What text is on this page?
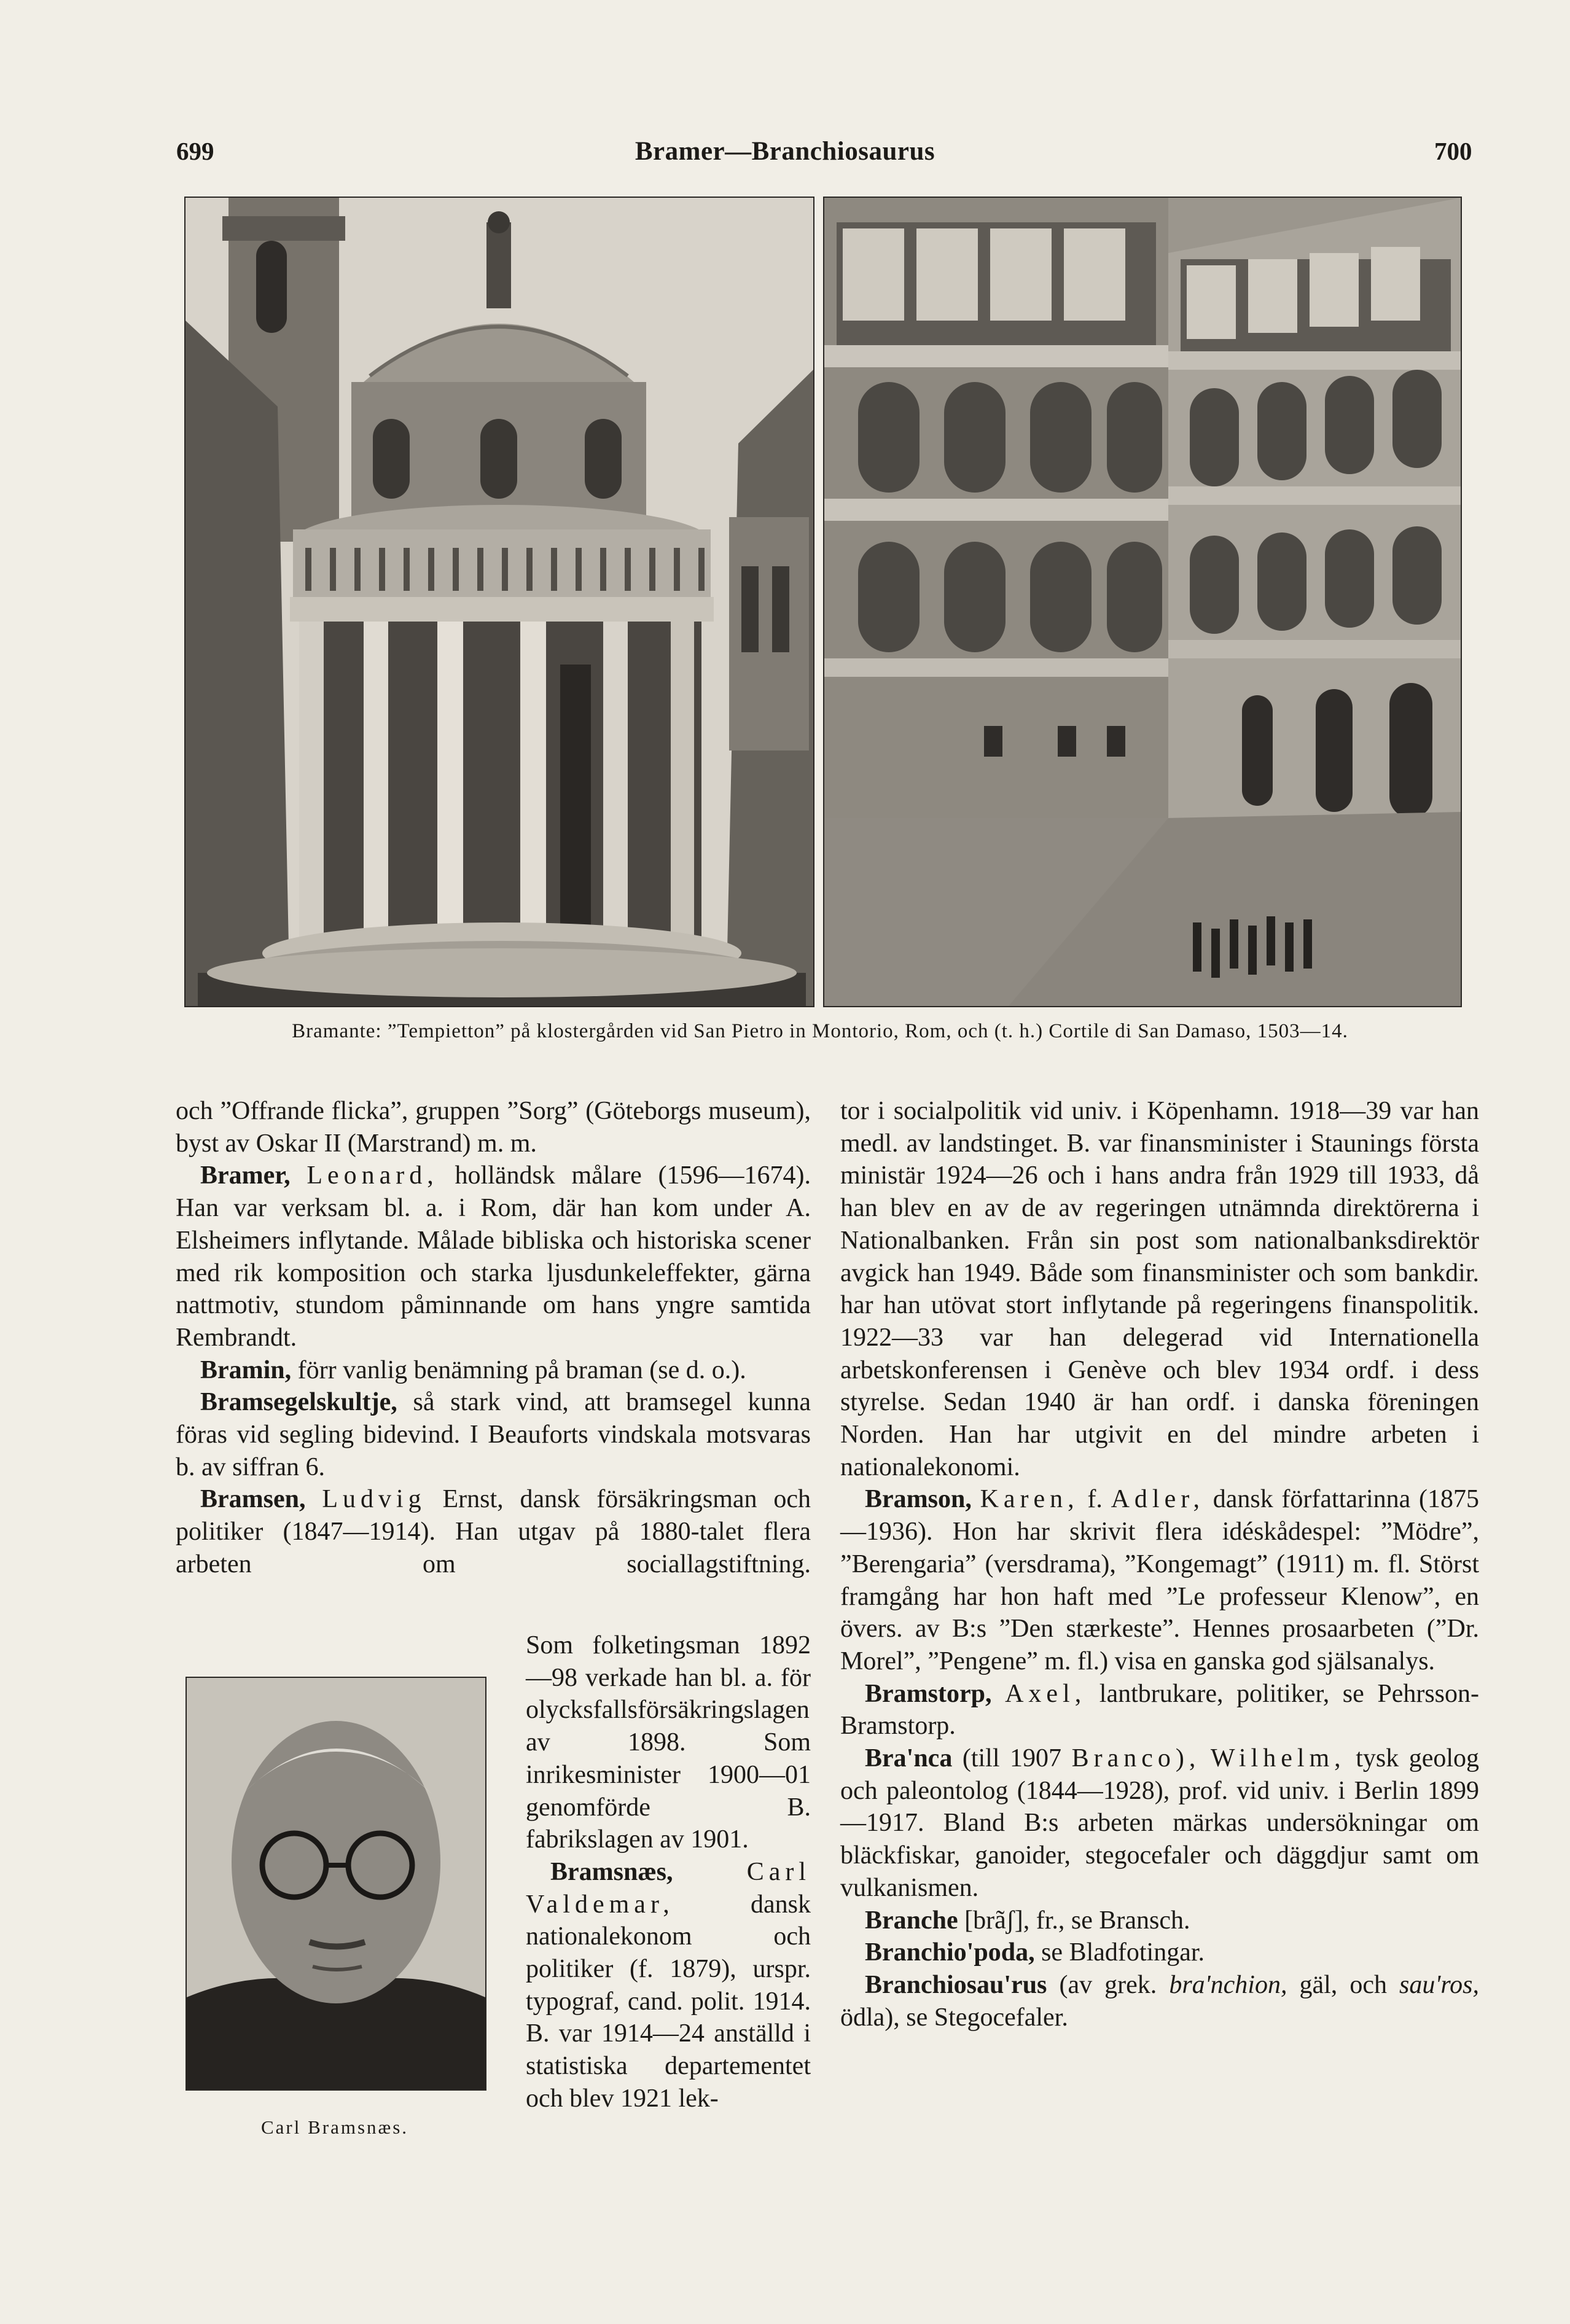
699	Bramer—Branchiosaurus	700
Bramante: ”Tempietton” på klostergården vid San Pietro in Montorio, Rom, och (t. h.) Cortile di San Damaso, 1503—14.
Carl Bramsnæs.

och ”Offrande flicka”, gruppen ”Sorg” (Göteborgs museum), byst av Oskar II (Marstrand) m. m.

Bramer, Leonard, holländsk målare (1596—1674). Han var verksam bl. a. i Rom, där han kom under A. Elsheimers inflytande. Målade bibliska och historiska scener med rik komposition och starka ljusdunkeleffekter, gärna nattmotiv, stundom påminnande om hans yngre samtida Rembrandt.

Bramin, förr vanlig benämning på braman (se d. o.).

Bramsegelskultje, så stark vind, att bramsegel kunna föras vid segling bidevind. I Beauforts vindskala motsvaras b. av siffran 6.

Bramsen, Ludvig Ernst, dansk försäkringsman och politiker (1847—1914). Han utgav på 1880-talet flera arbeten om sociallagstiftning.

Som folketingsman 1892—98 verkade han bl. a. för olycksfallsförsäkringslagen av 1898. Som inrikesminister 1900—01 genomförde B. fabrikslagen av 1901.

Bramsnæs,	Carl Valdemar,	dansk nationalekonom och politiker (f. 1879), urspr. typograf, cand. polit. 1914. B. var 1914—24 anställd i statistiska departementet och blev 1921 lek-

tor i socialpolitik vid univ. i Köpenhamn. 1918—39 var han medl. av landstinget. B. var finansminister i Staunings första ministär 1924—26 och i hans andra från 1929 till 1933, då han blev en av de av regeringen utnämnda direktörerna i Nationalbanken. Från sin post som nationalbanksdirektör avgick han 1949. Både som finansminister och som bankdir. har han utövat stort inflytande på regeringens finanspolitik. 1922—33 var han delegerad vid Internationella arbetskonferensen i Genève och blev 1934 ordf. i dess styrelse. Sedan 1940 är han ordf. i danska föreningen Norden. Han har utgivit en del mindre arbeten i nationalekonomi.

Bramson, Karen, f. Adler, dansk författarinna (1875—1936). Hon har skrivit flera idéskådespel: ”Mödre”, ”Berengaria” (versdrama), ”Kongemagt” (1911) m. fl. Störst framgång har hon haft med ”Le professeur Klenow”, en övers. av B:s ”Den stærkeste”. Hennes prosaarbeten (”Dr. Morel”, ”Pengene” m. fl.) visa en ganska god själsanalys.

Bramstorp, Axel, lantbrukare, politiker, se Pehrsson-Bramstorp.

Bra'nca (till 1907 Branco), Wilhelm, tysk geolog och paleontolog (1844—1928), prof. vid univ. i Berlin 1899—1917. Bland B:s arbeten märkas undersökningar om bläckfiskar, ganoider, stegocefaler och däggdjur samt om vulkanismen.

Branche [brãʃ], fr., se Bransch.

Branchio'poda, se Bladfotingar.

Branchiosau'rus (av grek. bra'nchion, gäl, och sau'ros, ödla), se Stegocefaler.
